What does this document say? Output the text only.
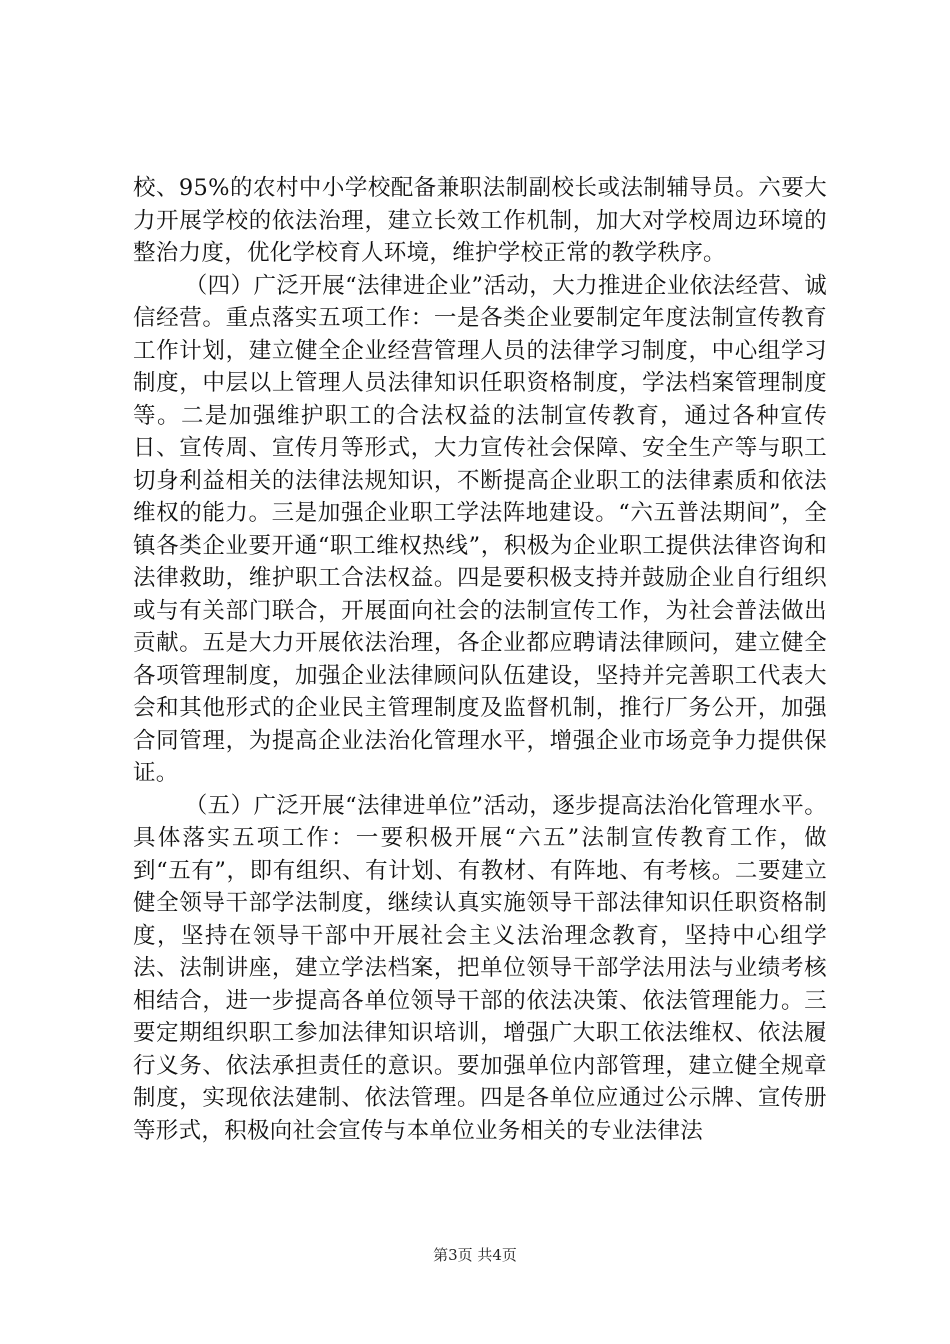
校、95%的农村中小学校配备兼职法制副校长或法制辅导员。六要大力开展学校的依法治理，建立长效工作机制，加大对学校周边环境的整治力度，优化学校育人环境，维护学校正常的教学秩序。

（四）广泛开展“法律进企业”活动，大力推进企业依法经营、诚信经营。重点落实五项工作：一是各类企业要制定年度法制宣传教育工作计划，建立健全企业经营管理人员的法律学习制度，中心组学习制度，中层以上管理人员法律知识任职资格制度，学法档案管理制度等。二是加强维护职工的合法权益的法制宣传教育，通过各种宣传日、宣传周、宣传月等形式，大力宣传社会保障、安全生产等与职工切身利益相关的法律法规知识，不断提高企业职工的法律素质和依法维权的能力。三是加强企业职工学法阵地建设。“六五普法期间”，全镇各类企业要开通“职工维权热线”，积极为企业职工提供法律咨询和法律救助，维护职工合法权益。四是要积极支持并鼓励企业自行组织或与有关部门联合，开展面向社会的法制宣传工作，为社会普法做出贡献。五是大力开展依法治理，各企业都应聘请法律顾问，建立健全各项管理制度，加强企业法律顾问队伍建设，坚持并完善职工代表大会和其他形式的企业民主管理制度及监督机制，推行厂务公开，加强合同管理，为提高企业法治化管理水平，增强企业市场竞争力提供保证。

（五）广泛开展“法律进单位”活动，逐步提高法治化管理水平。具体落实五项工作：一要积极开展“六五”法制宣传教育工作，做到“五有”，即有组织、有计划、有教材、有阵地、有考核。二要建立健全领导干部学法制度，继续认真实施领导干部法律知识任职资格制度，坚持在领导干部中开展社会主义法治理念教育，坚持中心组学法、法制讲座，建立学法档案，把单位领导干部学法用法与业绩考核相结合，进一步提高各单位领导干部的依法决策、依法管理能力。三要定期组织职工参加法律知识培训，增强广大职工依法维权、依法履行义务、依法承担责任的意识。要加强单位内部管理，建立健全规章制度，实现依法建制、依法管理。四是各单位应通过公示牌、宣传册等形式，积极向社会宣传与本单位业务相关的专业法律法

第3页 共4页
